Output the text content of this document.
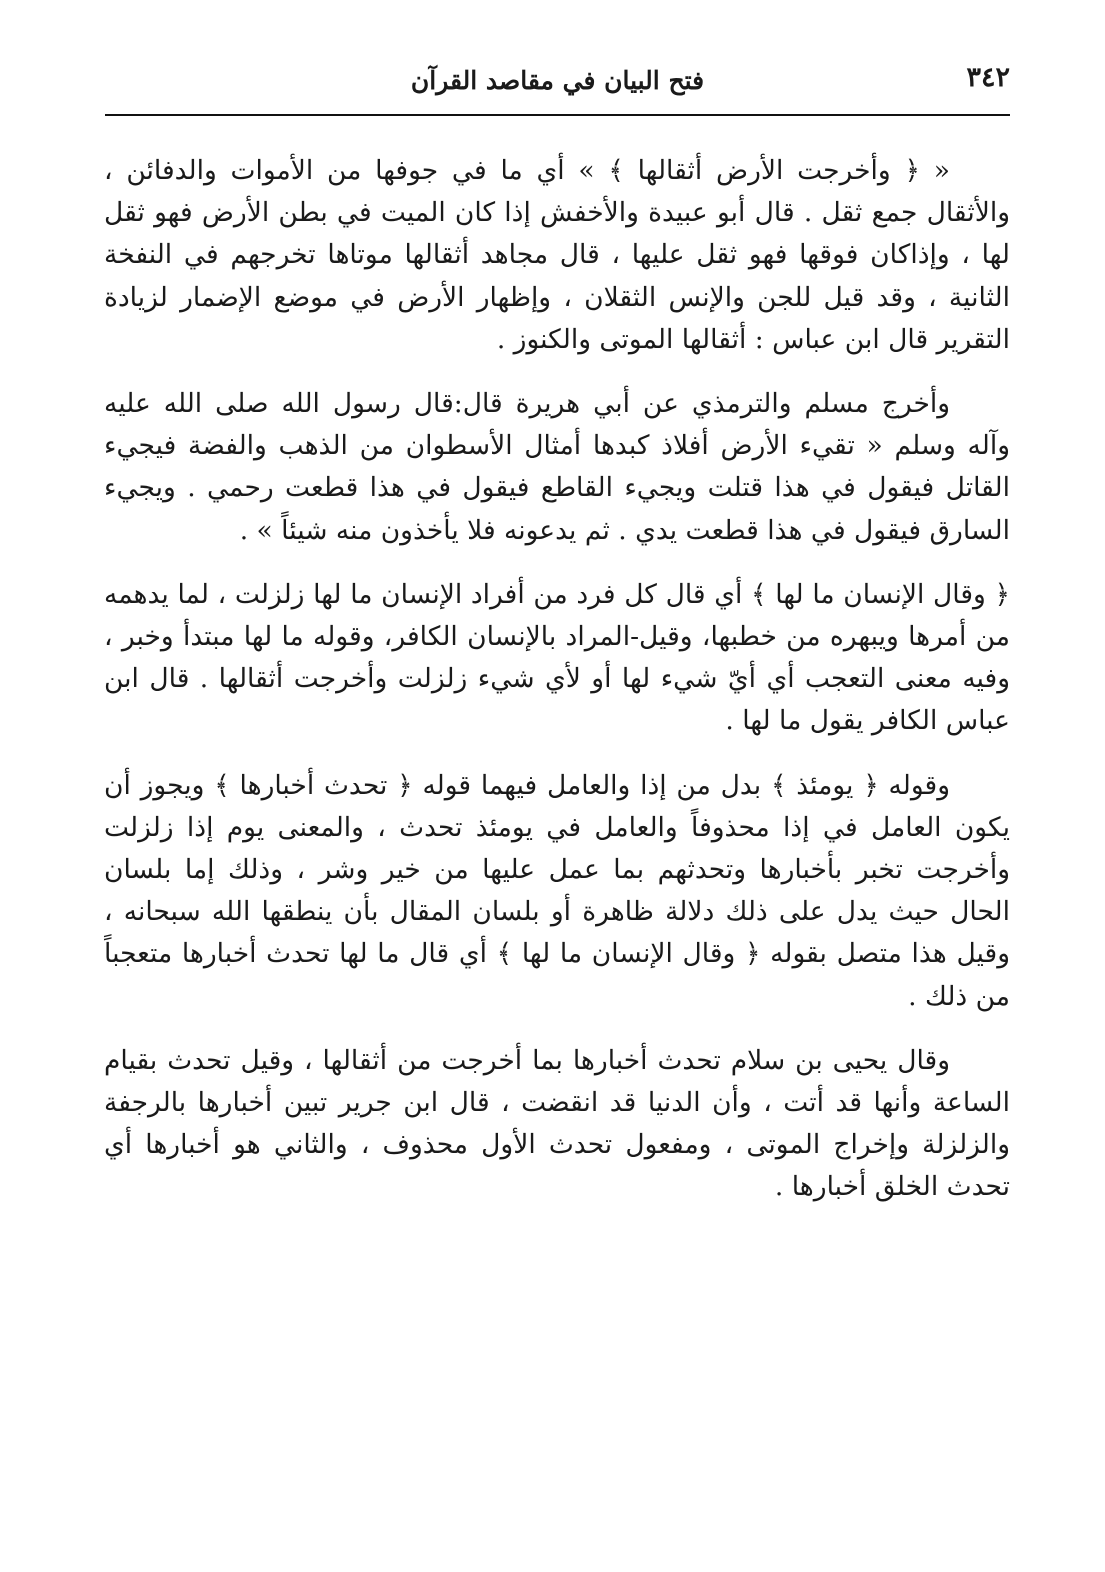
٣٤٢
فتح البيان في مقاصد القرآن

« ﴿ وأخرجت الأرض أثقالها ﴾ » أي ما في جوفها من الأموات والدفائن ، والأثقال جمع ثقل . قال أبو عبيدة والأخفش إذا كان الميت في بطن الأرض فهو ثقل لها ، وإذاكان فوقها فهو ثقل عليها ، قال مجاهد أثقالها موتاها تخرجهم في النفخة الثانية ، وقد قيل للجن والإنس الثقلان ، وإظهار الأرض في موضع الإضمار لزيادة التقرير قال ابن عباس : أثقالها الموتى والكنوز .

وأخرج مسلم والترمذي عن أبي هريرة قال:قال رسول الله صلى الله عليه وآله وسلم « تقيء الأرض أفلاذ كبدها أمثال الأسطوان من الذهب والفضة فيجيء القاتل فيقول في هذا قتلت ويجيء القاطع فيقول في هذا قطعت رحمي . ويجيء السارق فيقول في هذا قطعت يدي . ثم يدعونه فلا يأخذون منه شيئاً » .

﴿ وقال الإنسان ما لها ﴾ أي قال كل فرد من أفراد الإنسان ما لها زلزلت ، لما يدهمه من أمرها ويبهره من خطبها، وقيل-المراد بالإنسان الكافر، وقوله ما لها مبتدأ وخبر ، وفيه معنى التعجب أي أيّ شيء لها أو لأي شيء زلزلت وأخرجت أثقالها . قال ابن عباس الكافر يقول ما لها .

وقوله ﴿ يومئذ ﴾ بدل من إذا والعامل فيهما قوله ﴿ تحدث أخبارها ﴾ ويجوز أن يكون العامل في إذا محذوفاً والعامل في يومئذ تحدث ، والمعنى يوم إذا زلزلت وأخرجت تخبر بأخبارها وتحدثهم بما عمل عليها من خير وشر ، وذلك إما بلسان الحال حيث يدل على ذلك دلالة ظاهرة أو بلسان المقال بأن ينطقها الله سبحانه ، وقيل هذا متصل بقوله ﴿ وقال الإنسان ما لها ﴾ أي قال ما لها تحدث أخبارها متعجباً من ذلك .

وقال يحيى بن سلام تحدث أخبارها بما أخرجت من أثقالها ، وقيل تحدث بقيام الساعة وأنها قد أتت ، وأن الدنيا قد انقضت ، قال ابن جرير تبين أخبارها بالرجفة والزلزلة وإخراج الموتى ، ومفعول تحدث الأول محذوف ، والثاني هو أخبارها أي تحدث الخلق أخبارها .
